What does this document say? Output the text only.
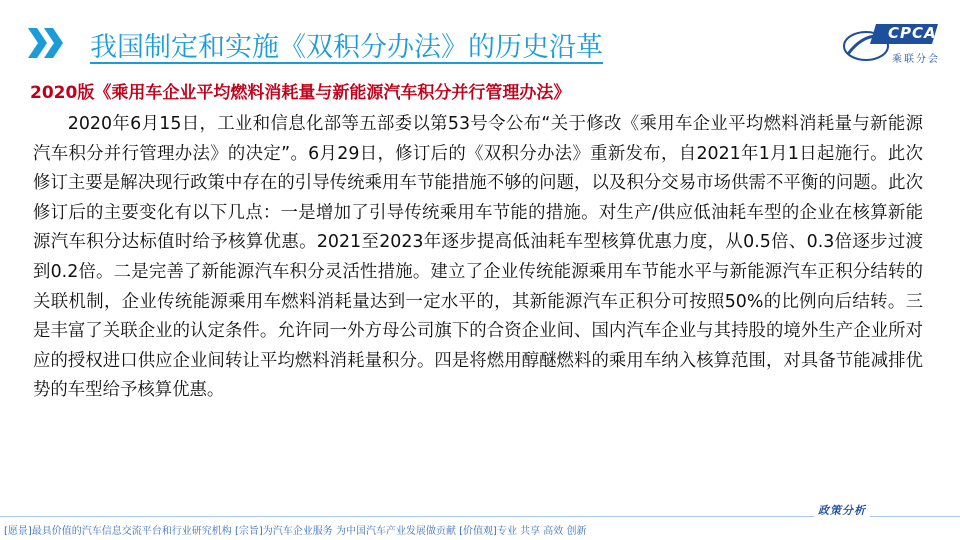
我国制定和实施《双积分办法》的历史沿革	CPCA
乘联分会
2020版《乘用车企业平均燃料消耗量与新能源汽车积分并行管理办法》

2020年6月15日，工业和信息化部等五部委以第53号令公布“关于修改《乘用车企业平均燃料消耗量与新能源汽车积分并行管理办法》的决定”。6月29日，修订后的《双积分办法》重新发布，自2021年1月1日起施行。此次修订主要是解决现行政策中存在的引导传统乘用车节能措施不够的问题，以及积分交易市场供需不平衡的问题。此次修订后的主要变化有以下几点：一是增加了引导传统乘用车节能的措施。对生产/供应低油耗车型的企业在核算新能源汽车积分达标值时给予核算优惠。2021至2023年逐步提高低油耗车型核算优惠力度，从0.5倍、0.3倍逐步过渡到0.2倍。二是完善了新能源汽车积分灵活性措施。建立了企业传统能源乘用车节能水平与新能源汽车正积分结转的关联机制，企业传统能源乘用车燃料消耗量达到一定水平的，其新能源汽车正积分可按照50%的比例向后结转。三是丰富了关联企业的认定条件。允许同一外方母公司旗下的合资企业间、国内汽车企业与其持股的境外生产企业所对应的授权进口供应企业间转让平均燃料消耗量积分。四是将燃用醇醚燃料的乘用车纳入核算范围，对具备节能减排优势的车型给予核算优惠。

政策分析
[愿景]最具价值的汽车信息交流平台和行业研究机构 [宗旨]为汽车企业服务 为中国汽车产业发展做贡献 [价值观]专业 共享 高效 创新
